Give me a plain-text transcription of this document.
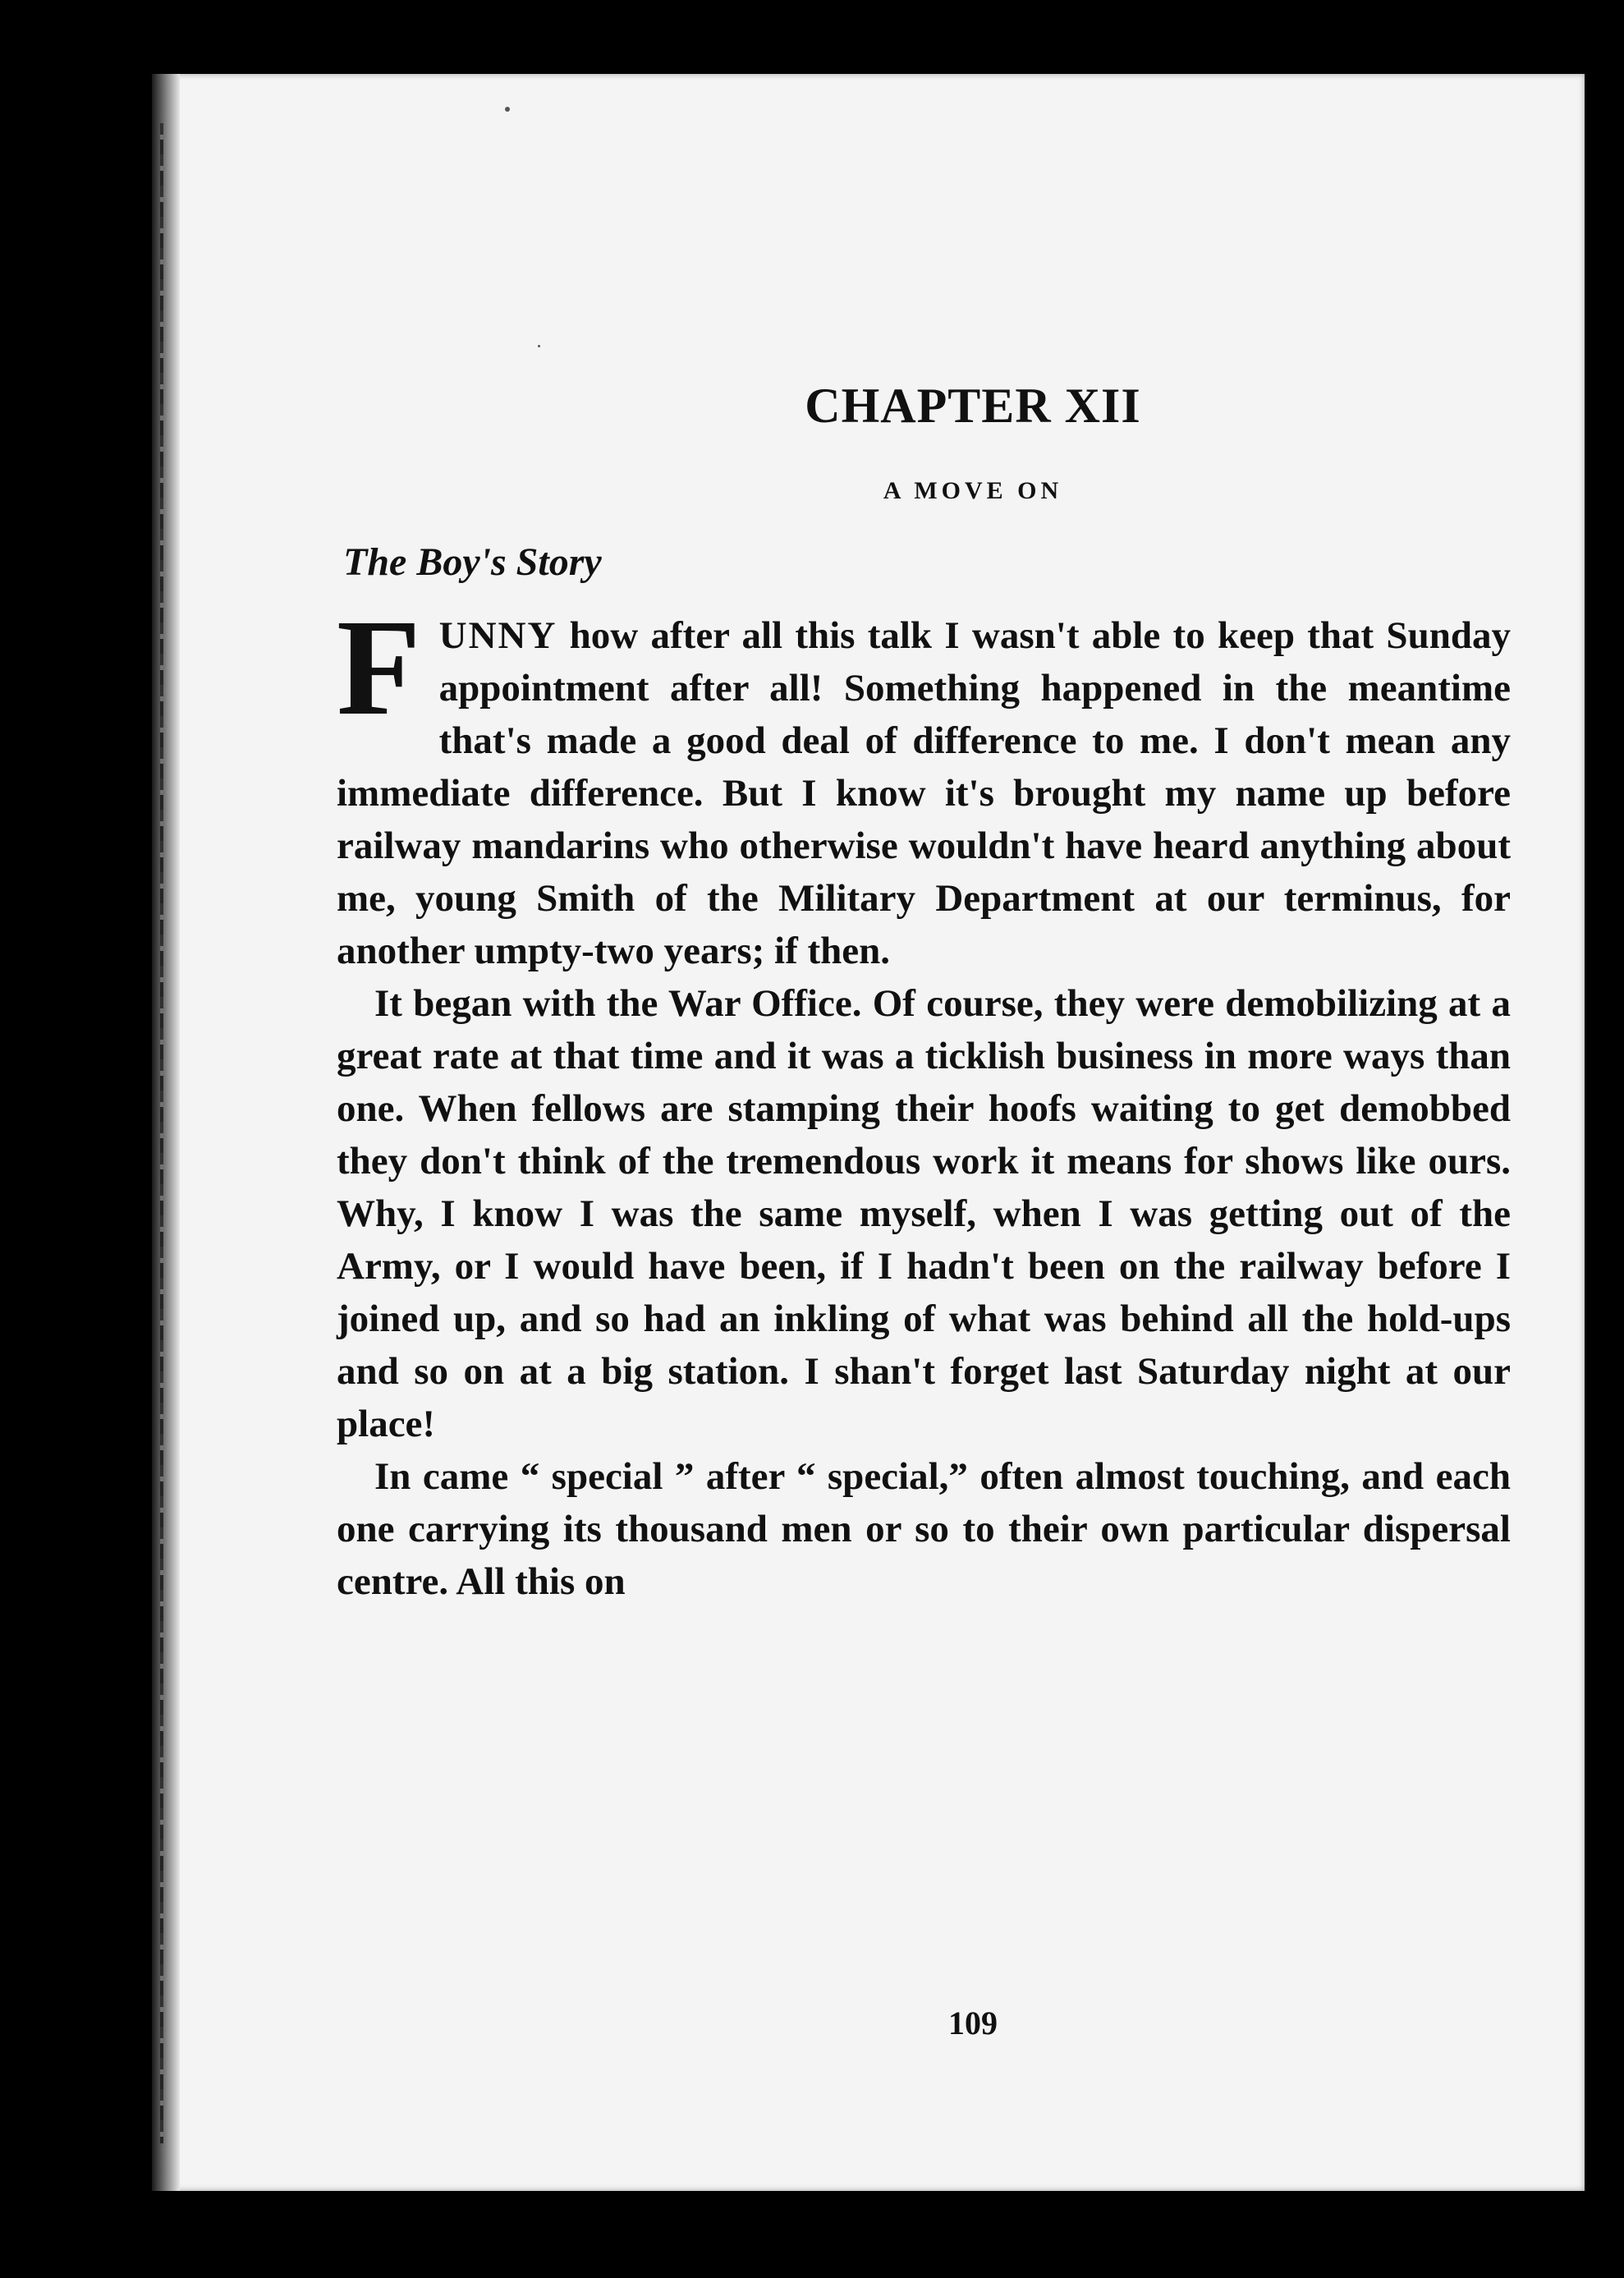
CHAPTER XII
A MOVE ON
The Boy's Story

FUNNY how after all this talk I wasn't able to keep that Sunday appointment after all! Something happened in the meantime that's made a good deal of difference to me. I don't mean any immediate difference. But I know it's brought my name up before railway mandarins who otherwise wouldn't have heard anything about me, young Smith of the Military Department at our terminus, for another umpty-two years; if then.

It began with the War Office. Of course, they were demobilizing at a great rate at that time and it was a ticklish business in more ways than one. When fellows are stamping their hoofs waiting to get demobbed they don't think of the tremendous work it means for shows like ours. Why, I know I was the same myself, when I was getting out of the Army, or I would have been, if I hadn't been on the railway before I joined up, and so had an inkling of what was behind all the hold-ups and so on at a big station. I shan't forget last Saturday night at our place!

In came “ special ” after “ special,” often almost touching, and each one carrying its thousand men or so to their own particular dispersal centre. All this on

109
